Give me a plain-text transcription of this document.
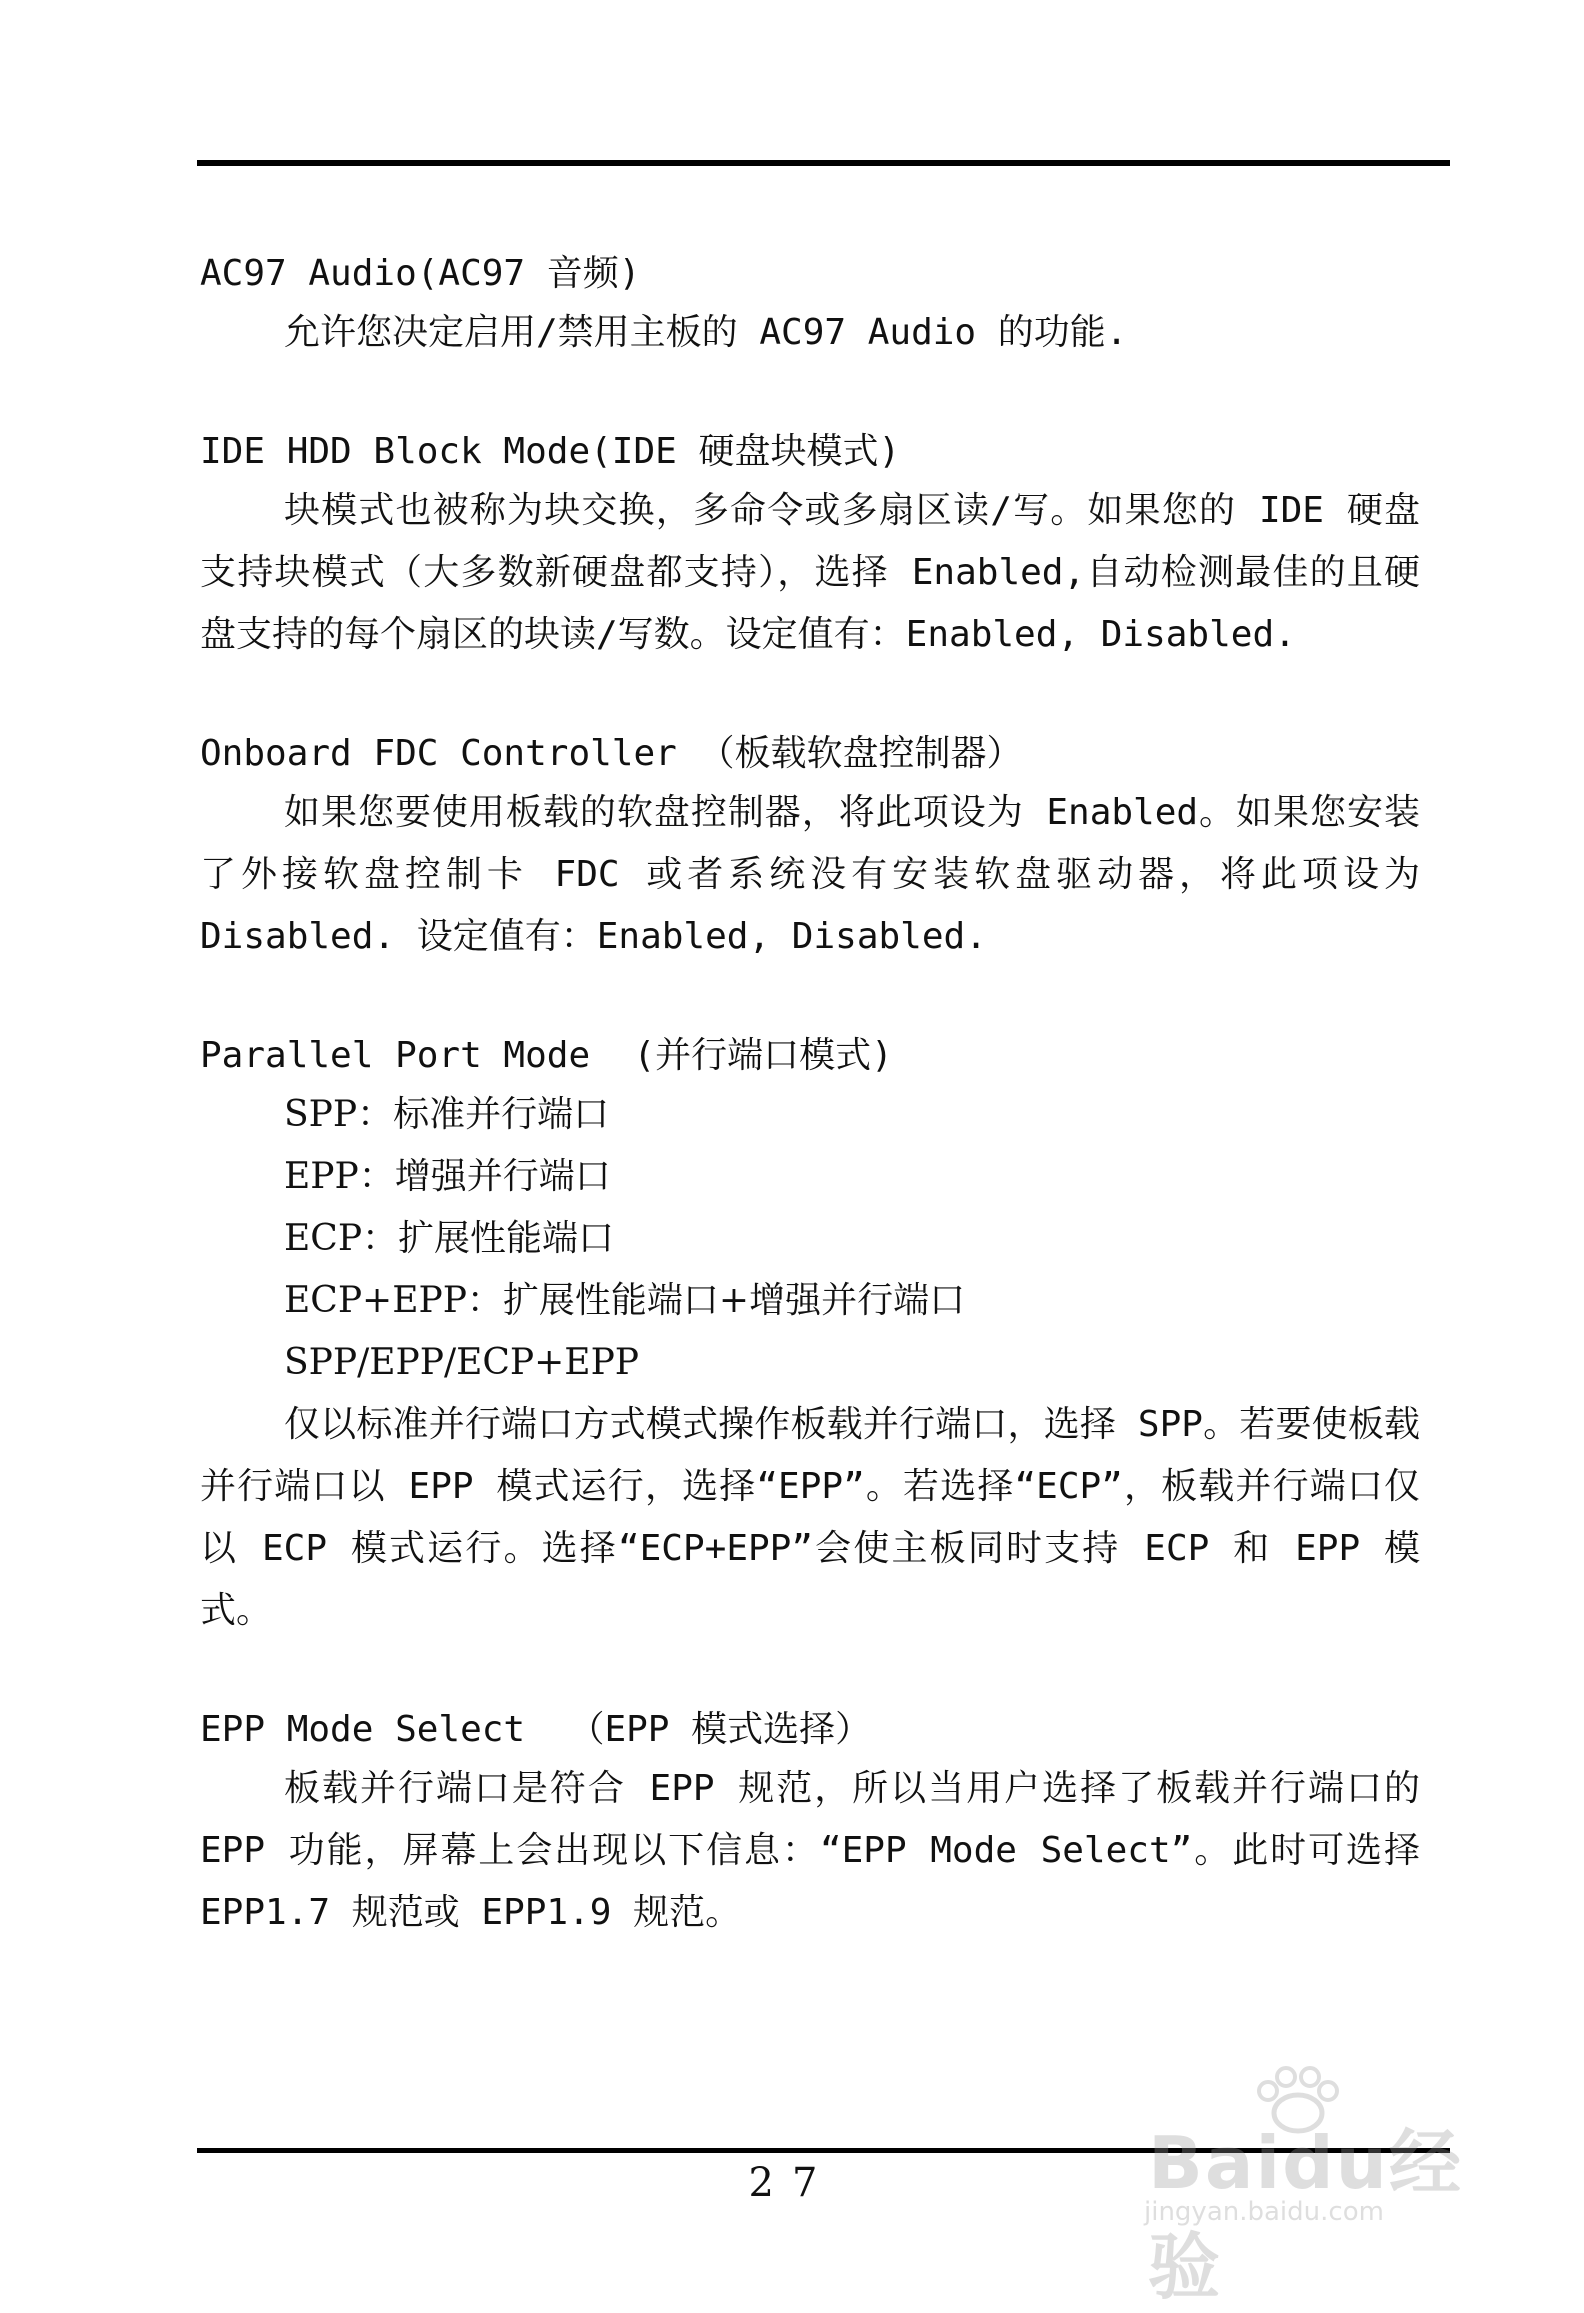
AC97 Audio(AC97 音频)

允许您决定启用/禁用主板的 AC97 Audio 的功能.

IDE HDD Block Mode(IDE 硬盘块模式)

块模式也被称为块交换，多命令或多扇区读/写。如果您的 IDE 硬盘支持块模式（大多数新硬盘都支持），选择 Enabled,自动检测最佳的且硬盘支持的每个扇区的块读/写数。设定值有：Enabled, Disabled.

Onboard FDC Controller （板载软盘控制器）

如果您要使用板载的软盘控制器，将此项设为 Enabled。如果您安装了外接软盘控制卡 FDC 或者系统没有安装软盘驱动器，将此项设为 Disabled. 设定值有：Enabled, Disabled.

Parallel Port Mode  (并行端口模式)

SPP：标准并行端口

EPP：增强并行端口

ECP：扩展性能端口

ECP+EPP：扩展性能端口+增强并行端口

SPP/EPP/ECP+EPP

仅以标准并行端口方式模式操作板载并行端口，选择 SPP。若要使板载并行端口以 EPP 模式运行，选择“EPP”。若选择“ECP”，板载并行端口仅以 ECP 模式运行。选择“ECP+EPP”会使主板同时支持 ECP 和 EPP 模式。

EPP Mode Select  （EPP 模式选择）

板载并行端口是符合 EPP 规范，所以当用户选择了板载并行端口的 EPP 功能，屏幕上会出现以下信息：“EPP Mode Select”。此时可选择 EPP1.7 规范或 EPP1.9 规范。

27	Baidu经验
jingyan.baidu.com
